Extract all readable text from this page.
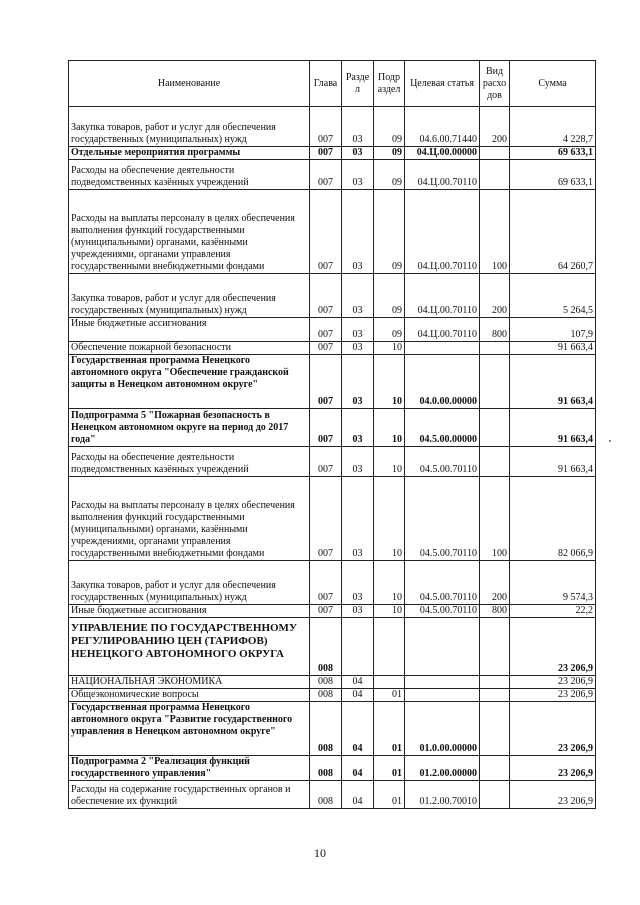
Наименование	Глава	Разде л	Подр аздел	Целевая статья	Вид расхо дов	Сумма
Закупка товаров, работ и услуг для обеспечения государственных (муниципальных) нужд	007	03	09	04.6.00.71440	200	4 228,7
Отдельные мероприятия программы	007	03	09	04.Ц.00.00000		69 633,1
Расходы на обеспечение деятельности подведомственных казённых учреждений	007	03	09	04.Ц.00.70110		69 633,1
Расходы на выплаты персоналу в целях обеспечения выполнения функций государственными (муниципальными) органами, казёнными учреждениями, органами управления государственными внебюджетными фондами	007	03	09	04.Ц.00.70110	100	64 260,7
Закупка товаров, работ и услуг для обеспечения государственных (муниципальных) нужд	007	03	09	04.Ц.00.70110	200	5 264,5
Иные бюджетные ассигнования	007	03	09	04.Ц.00.70110	800	107,9
Обеспечение пожарной безопасности	007	03	10			91 663,4
Государственная программа Ненецкого автономного округа "Обеспечение гражданской защиты в Ненецком автономном округе"	007	03	10	04.0.00.00000		91 663,4
Подпрограмма 5 "Пожарная безопасность в Ненецком автономном округе на период до 2017 года"	007	03	10	04.5.00.00000		91 663,4
Расходы на обеспечение деятельности подведомственных казённых учреждений	007	03	10	04.5.00.70110		91 663,4
Расходы на выплаты персоналу в целях обеспечения выполнения функций государственными (муниципальными) органами, казёнными учреждениями, органами управления государственными внебюджетными фондами	007	03	10	04.5.00.70110	100	82 066,9
Закупка товаров, работ и услуг для обеспечения государственных (муниципальных) нужд	007	03	10	04.5.00.70110	200	9 574,3
Иные бюджетные ассигнования	007	03	10	04.5.00.70110	800	22,2
УПРАВЛЕНИЕ ПО ГОСУДАРСТВЕННОМУ РЕГУЛИРОВАНИЮ ЦЕН (ТАРИФОВ) НЕНЕЦКОГО АВТОНОМНОГО ОКРУГА	008					23 206,9
НАЦИОНАЛЬНАЯ ЭКОНОМИКА	008	04				23 206,9
Общеэкономические вопросы	008	04	01			23 206,9
Государственная программа Ненецкого автономного округа "Развитие государственного управления в Ненецком автономном округе"	008	04	01	01.0.00.00000		23 206,9
Подпрограмма 2 "Реализация функций государственного управления"	008	04	01	01.2.00.00000		23 206,9
Расходы на содержание государственных органов и обеспечение их функций	008	04	01	01.2.00.70010		23 206,9
10
